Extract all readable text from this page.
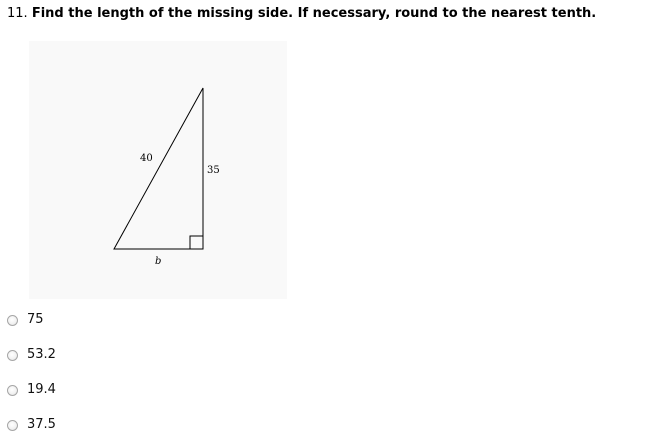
11. Find the length of the missing side. If necessary, round to the nearest tenth.
40
35
b
75
53.2
19.4
37.5
